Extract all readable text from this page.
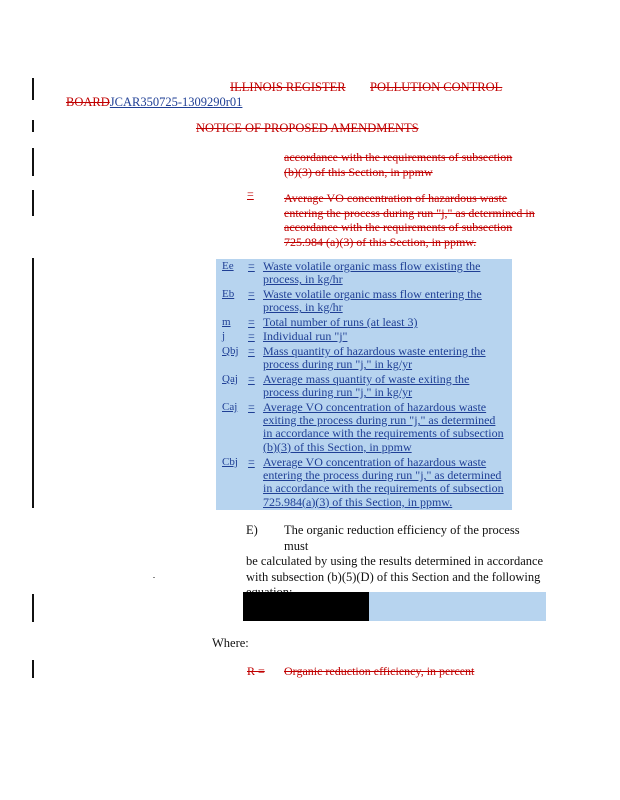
ILLINOIS REGISTER POLLUTION CONTROL
BOARDJCAR350725-1309290r01
NOTICE OF PROPOSED AMENDMENTS
accordance with the requirements of subsection
(b)(3) of this Section, in ppmw
=	Average VO concentration of hazardous waste
entering the process during run "j," as determined in
accordance with the requirements of subsection
725.984 (a)(3) of this Section, in ppmw.
Ee	= Waste volatile organic mass flow existing the
process, in kg/hr
Eb	= Waste volatile organic mass flow entering the
process, in kg/hr
m	= Total number of runs (at least 3)
j	= Individual run "j"
Qbj = Mass quantity of hazardous waste entering the
process during run "j," in kg/yr
Qaj = Average mass quantity of waste exiting the
process during run "j," in kg/yr
Caj = Average VO concentration of hazardous waste
exiting the process during run "j," as determined
in accordance with the requirements of subsection
(b)(3) of this Section, in ppmw
Cbj = Average VO concentration of hazardous waste
entering the process during run "j," as determined
in accordance with the requirements of subsection
725.984(a)(3) of this Section, in ppmw.
E)	The organic reduction efficiency of the process must
be calculated by using the results determined in accordance
with subsection (b)(5)(D) of this Section and the following
Where:
R = Organic reduction efficiency, in percent
